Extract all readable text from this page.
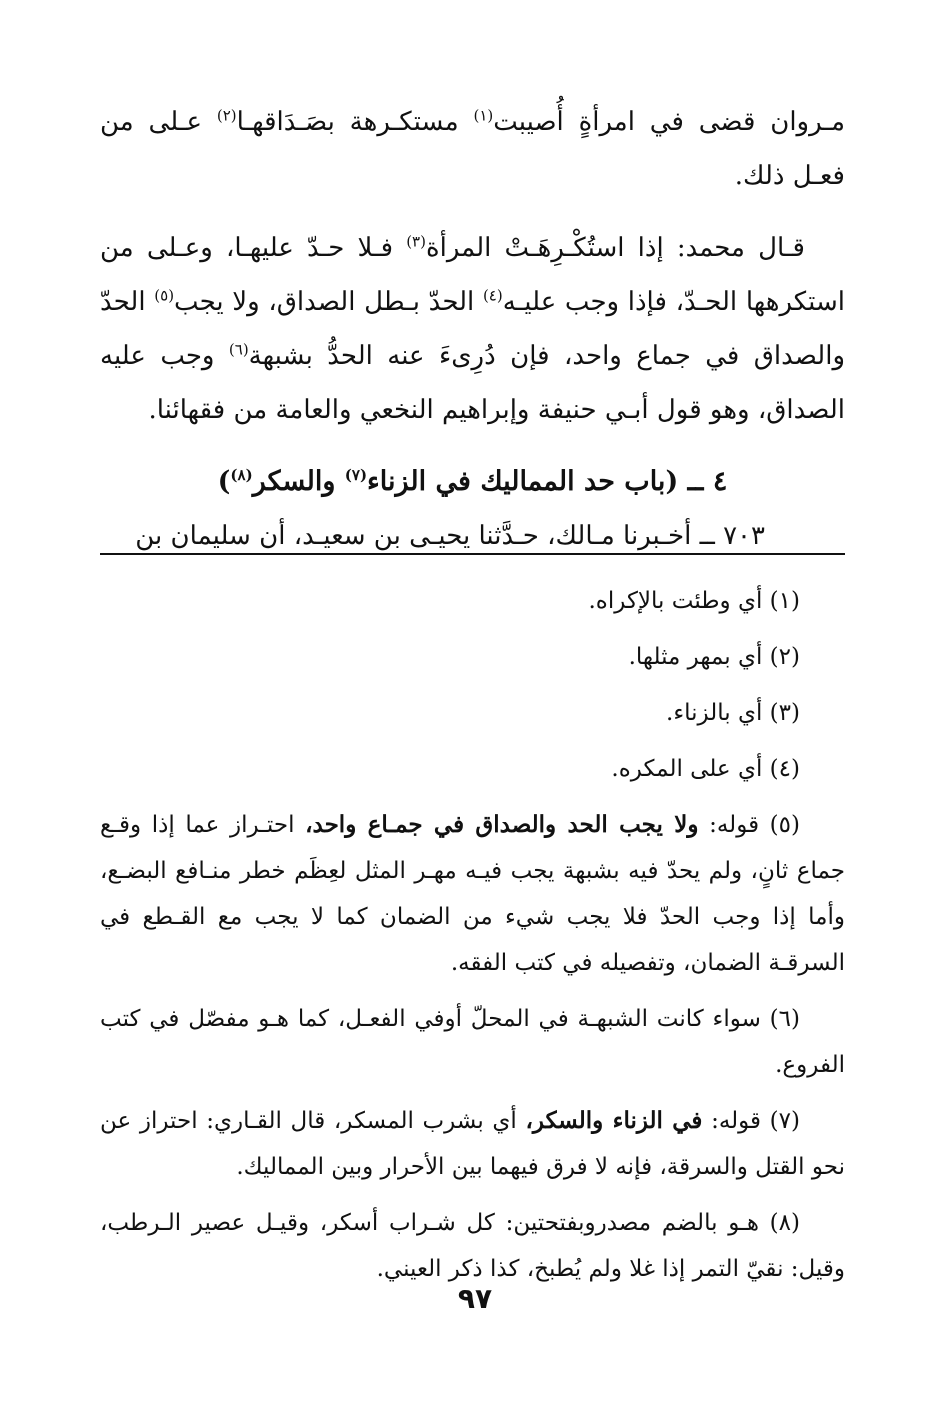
مـروان قضى في امرأةٍ أُصيبت$^{(١)}$ مستكـرهة بصَـدَاقهـا$^{(٢)}$ عـلى من فعـل ذلك.

قـال محمد: إذا استُكْـرِهَـتْ المرأة$^{(٣)}$ فـلا حـدّ عليهـا، وعـلى من استكرهها الحـدّ، فإذا وجب عليـه$^{(٤)}$ الحدّ بـطل الصداق، ولا يجب$^{(٥)}$ الحدّ والصداق في جماع واحد، فإن دُرِىءَ عنه الحدُّ بشبهة$^{(٦)}$ وجب عليه الصداق، وهو قول أبـي حنيفة وإبراهيم النخعي والعامة من فقهائنا.

٤ ــ (باب حد المماليك في الزناء$^{(٧)}$ والسكر$^{(٨)}$)

٧٠٣ ــ أخـبرنا مـالك، حـدَّثنا يحيـى بن سعيـد، أن سليمان بن

(١) أي وطئت بالإكراه.

(٢) أي بمهر مثلها.

(٣) أي بالزناء.

(٤) أي على المكره.

(٥) قوله: ولا يجب الحد والصداق في جمـاع واحد، احتـراز عما إذا وقـع جماع ثانٍ، ولم يحدّ فيه بشبهة يجب فيـه مهـر المثل لعِظَم خطر منـافع البضـع، وأما إذا وجب الحدّ فلا يجب شيء من الضمان كما لا يجب مع القـطع في السرقـة الضمان، وتفصيله في كتب الفقه.

(٦) سواء كانت الشبهـة في المحلّ أوفي الفعـل، كما هـو مفصّل في كتب الفروع.

(٧) قوله: في الزناء والسكر، أي بشرب المسكر، قال القـاري: احتراز عن نحو القتل والسرقة، فإنه لا فرق فيهما بين الأحرار وبين المماليك.

(٨) هـو بالضم مصدروبفتحتين: كل شـراب أسكر، وقيـل عصير الـرطب، وقيل: نقيّ التمر إذا غلا ولم يُطبخ، كذا ذكر العيني.

٩٧
